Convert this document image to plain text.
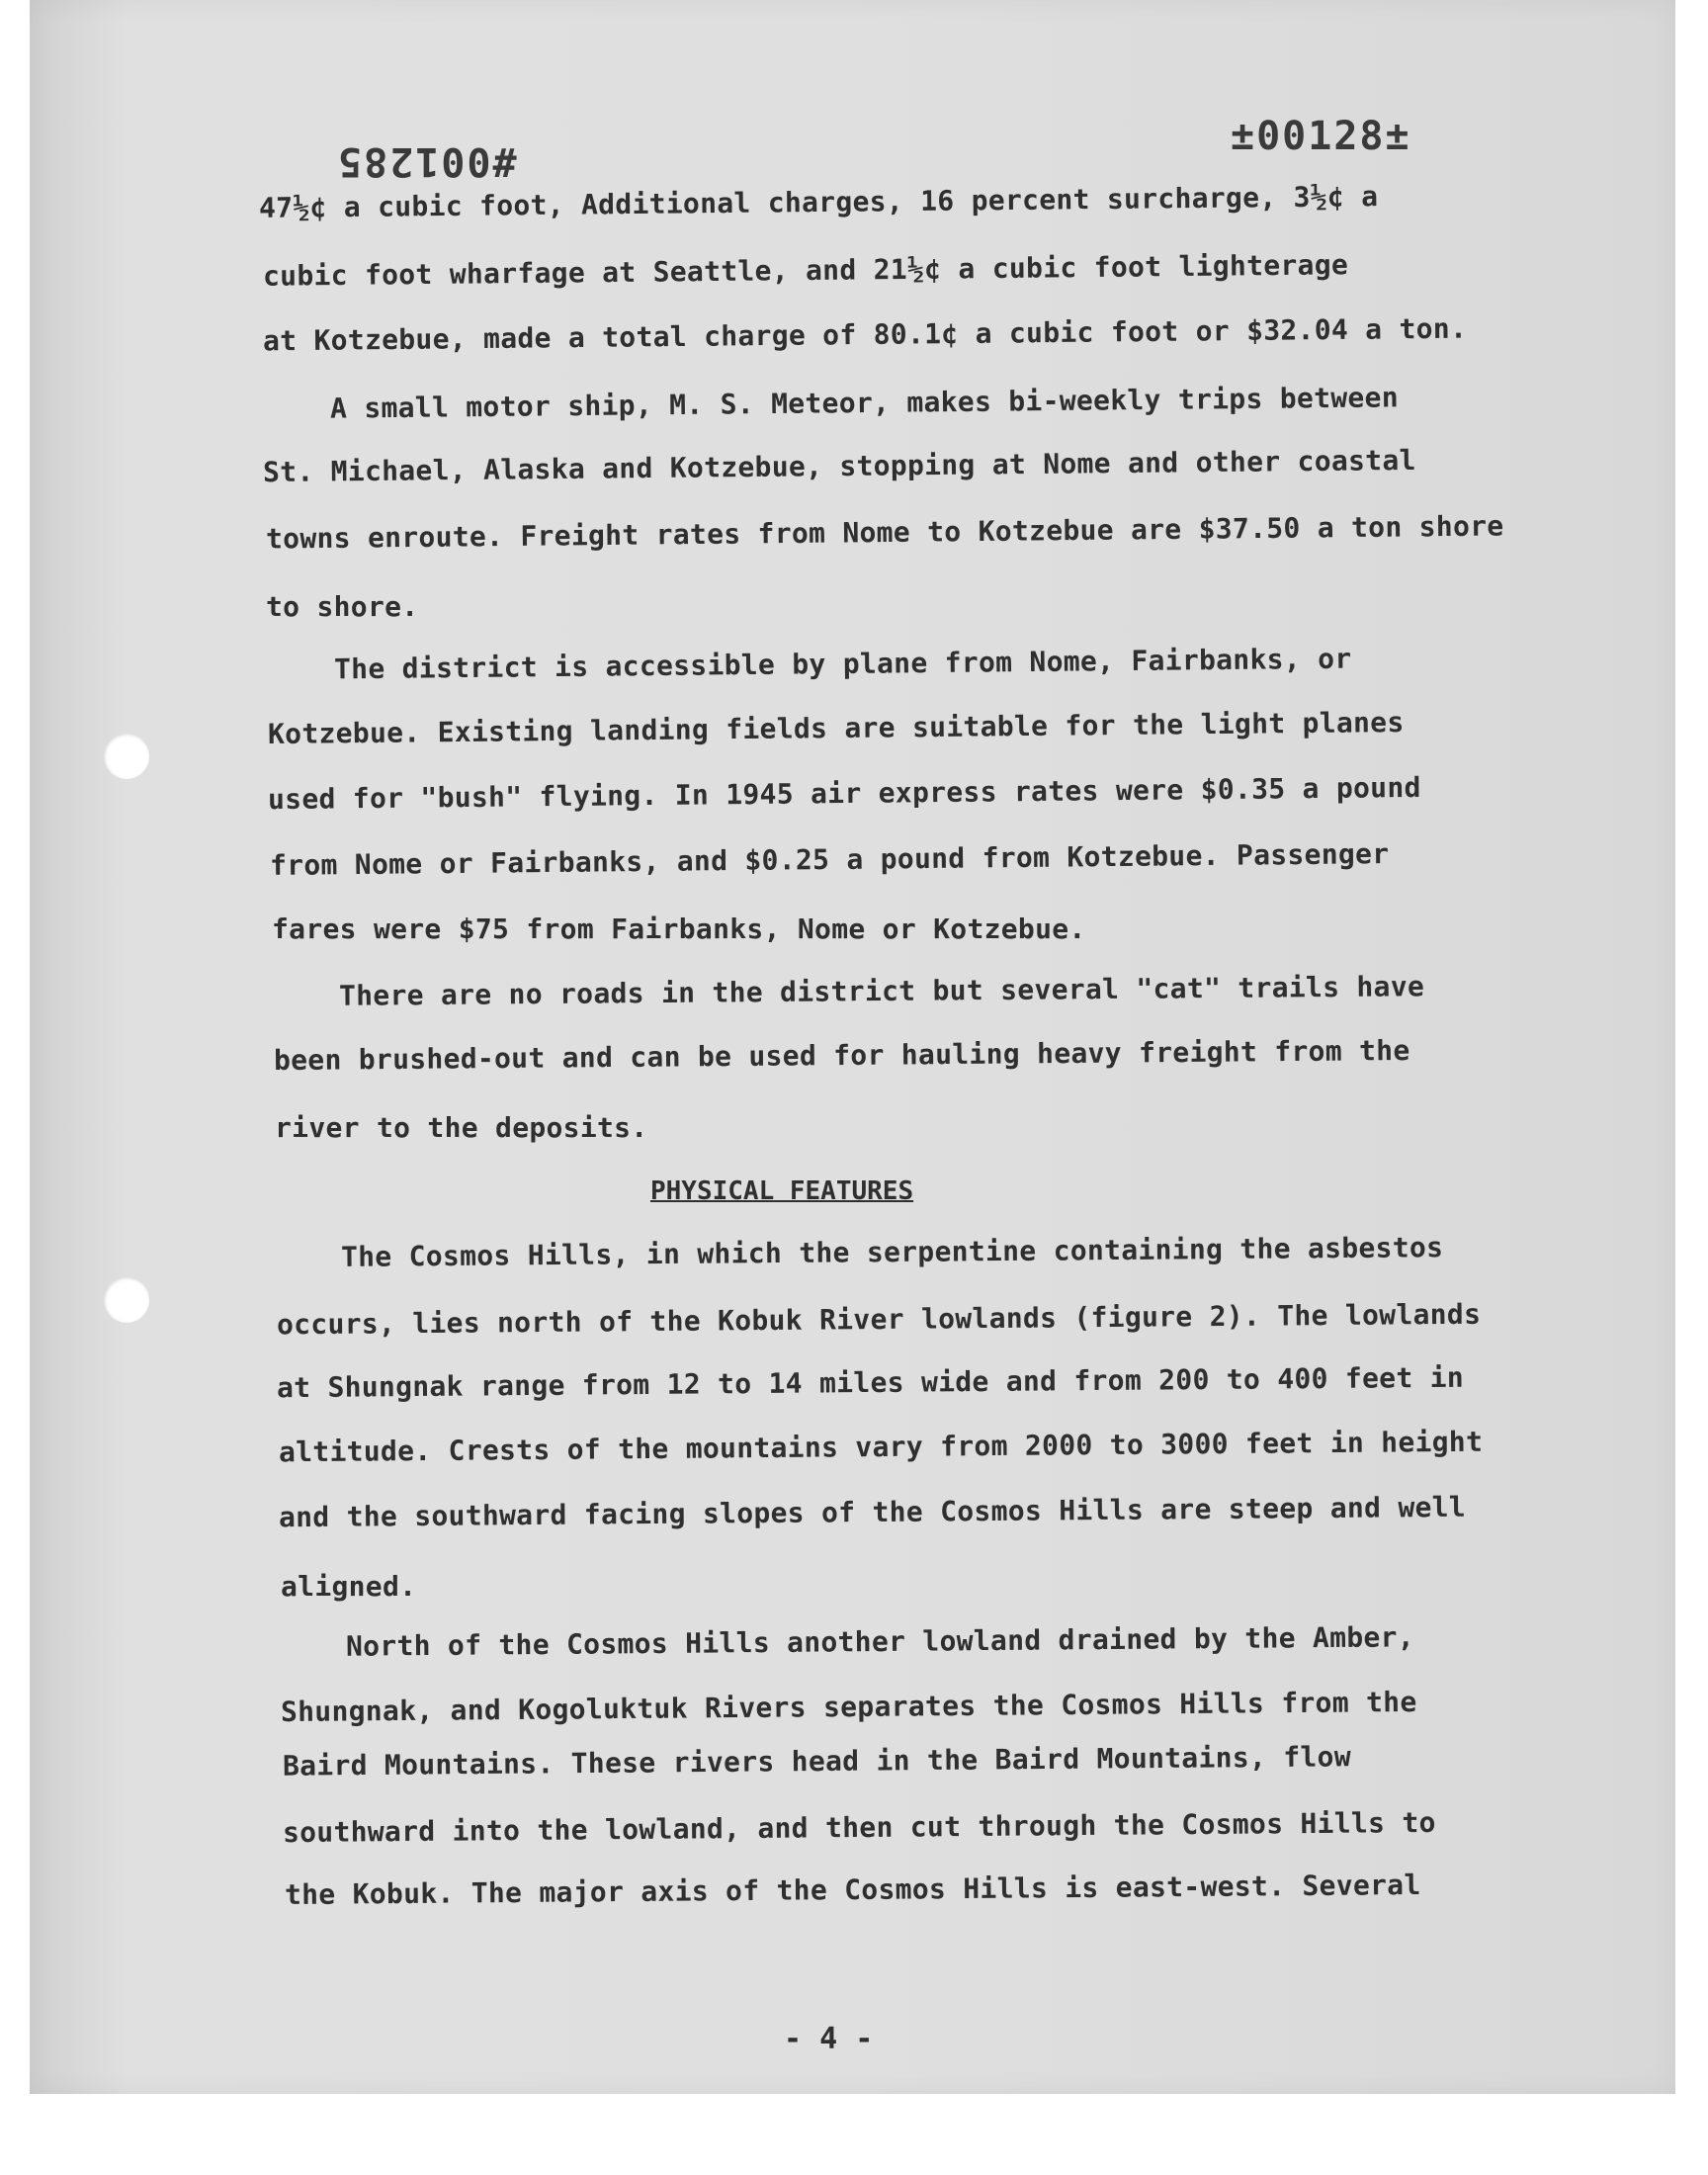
#001285
±00128±
47½¢ a cubic foot, Additional charges, 16 percent surcharge, 3½¢ a
cubic foot wharfage at Seattle, and 21½¢ a cubic foot lighterage
at Kotzebue, made a total charge of 80.1¢ a cubic foot or $32.04 a ton.
A small motor ship, M. S. Meteor, makes bi-weekly trips between
St. Michael, Alaska and Kotzebue, stopping at Nome and other coastal
towns enroute. Freight rates from Nome to Kotzebue are $37.50 a ton shore
to shore.
The district is accessible by plane from Nome, Fairbanks, or
Kotzebue. Existing landing fields are suitable for the light planes
used for "bush" flying. In 1945 air express rates were $0.35 a pound
from Nome or Fairbanks, and $0.25 a pound from Kotzebue. Passenger
fares were $75 from Fairbanks, Nome or Kotzebue.
There are no roads in the district but several "cat" trails have
been brushed-out and can be used for hauling heavy freight from the
river to the deposits.
PHYSICAL FEATURES
The Cosmos Hills, in which the serpentine containing the asbestos
occurs, lies north of the Kobuk River lowlands (figure 2). The lowlands
at Shungnak range from 12 to 14 miles wide and from 200 to 400 feet in
altitude. Crests of the mountains vary from 2000 to 3000 feet in height
and the southward facing slopes of the Cosmos Hills are steep and well
aligned.
North of the Cosmos Hills another lowland drained by the Amber,
Shungnak, and Kogoluktuk Rivers separates the Cosmos Hills from the
Baird Mountains. These rivers head in the Baird Mountains, flow
southward into the lowland, and then cut through the Cosmos Hills to
the Kobuk. The major axis of the Cosmos Hills is east-west. Several
- 4 -
